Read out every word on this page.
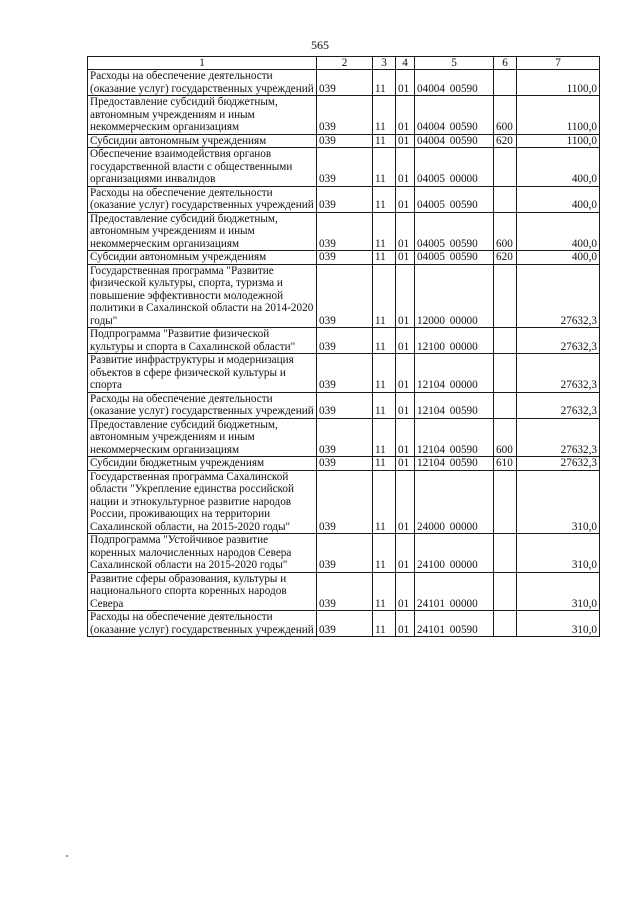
565
1	2	3	4	5	6	7
Расходы на обеспечение деятельности (оказание услуг) государственных учреждений	039	11	01	04004 00590		1100,0
Предоставление субсидий бюджетным, автономным учреждениям и иным некоммерческим организациям	039	11	01	04004 00590	600	1100,0
Субсидии автономным учреждениям	039	11	01	04004 00590	620	1100,0
Обеспечение взаимодействия органов государственной власти с общественными организациями инвалидов	039	11	01	04005 00000		400,0
Расходы на обеспечение деятельности (оказание услуг) государственных учреждений	039	11	01	04005 00590		400,0
Предоставление субсидий бюджетным, автономным учреждениям и иным некоммерческим организациям	039	11	01	04005 00590	600	400,0
Субсидии автономным учреждениям	039	11	01	04005 00590	620	400,0
Государственная программа "Развитие физической культуры, спорта, туризма и повышение эффективности молодежной политики в Сахалинской области на 2014-2020 годы"	039	11	01	12000 00000		27632,3
Подпрограмма "Развитие физической культуры и спорта в Сахалинской области"	039	11	01	12100 00000		27632,3
Развитие инфраструктуры и модернизация объектов в сфере физической культуры и спорта	039	11	01	12104 00000		27632,3
Расходы на обеспечение деятельности (оказание услуг) государственных учреждений	039	11	01	12104 00590		27632,3
Предоставление субсидий бюджетным, автономным учреждениям и иным некоммерческим организациям	039	11	01	12104 00590	600	27632,3
Субсидии бюджетным учреждениям	039	11	01	12104 00590	610	27632,3
Государственная программа Сахалинской области "Укрепление единства российской нации и этнокультурное развитие народов России, проживающих на территории Сахалинской области, на 2015-2020 годы"	039	11	01	24000 00000		310,0
Подпрограмма "Устойчивое развитие коренных малочисленных народов Севера Сахалинской области на 2015-2020 годы"	039	11	01	24100 00000		310,0
Развитие сферы образования, культуры и национального спорта коренных народов Севера	039	11	01	24101 00000		310,0
Расходы на обеспечение деятельности (оказание услуг) государственных учреждений	039	11	01	24101 00590		310,0
